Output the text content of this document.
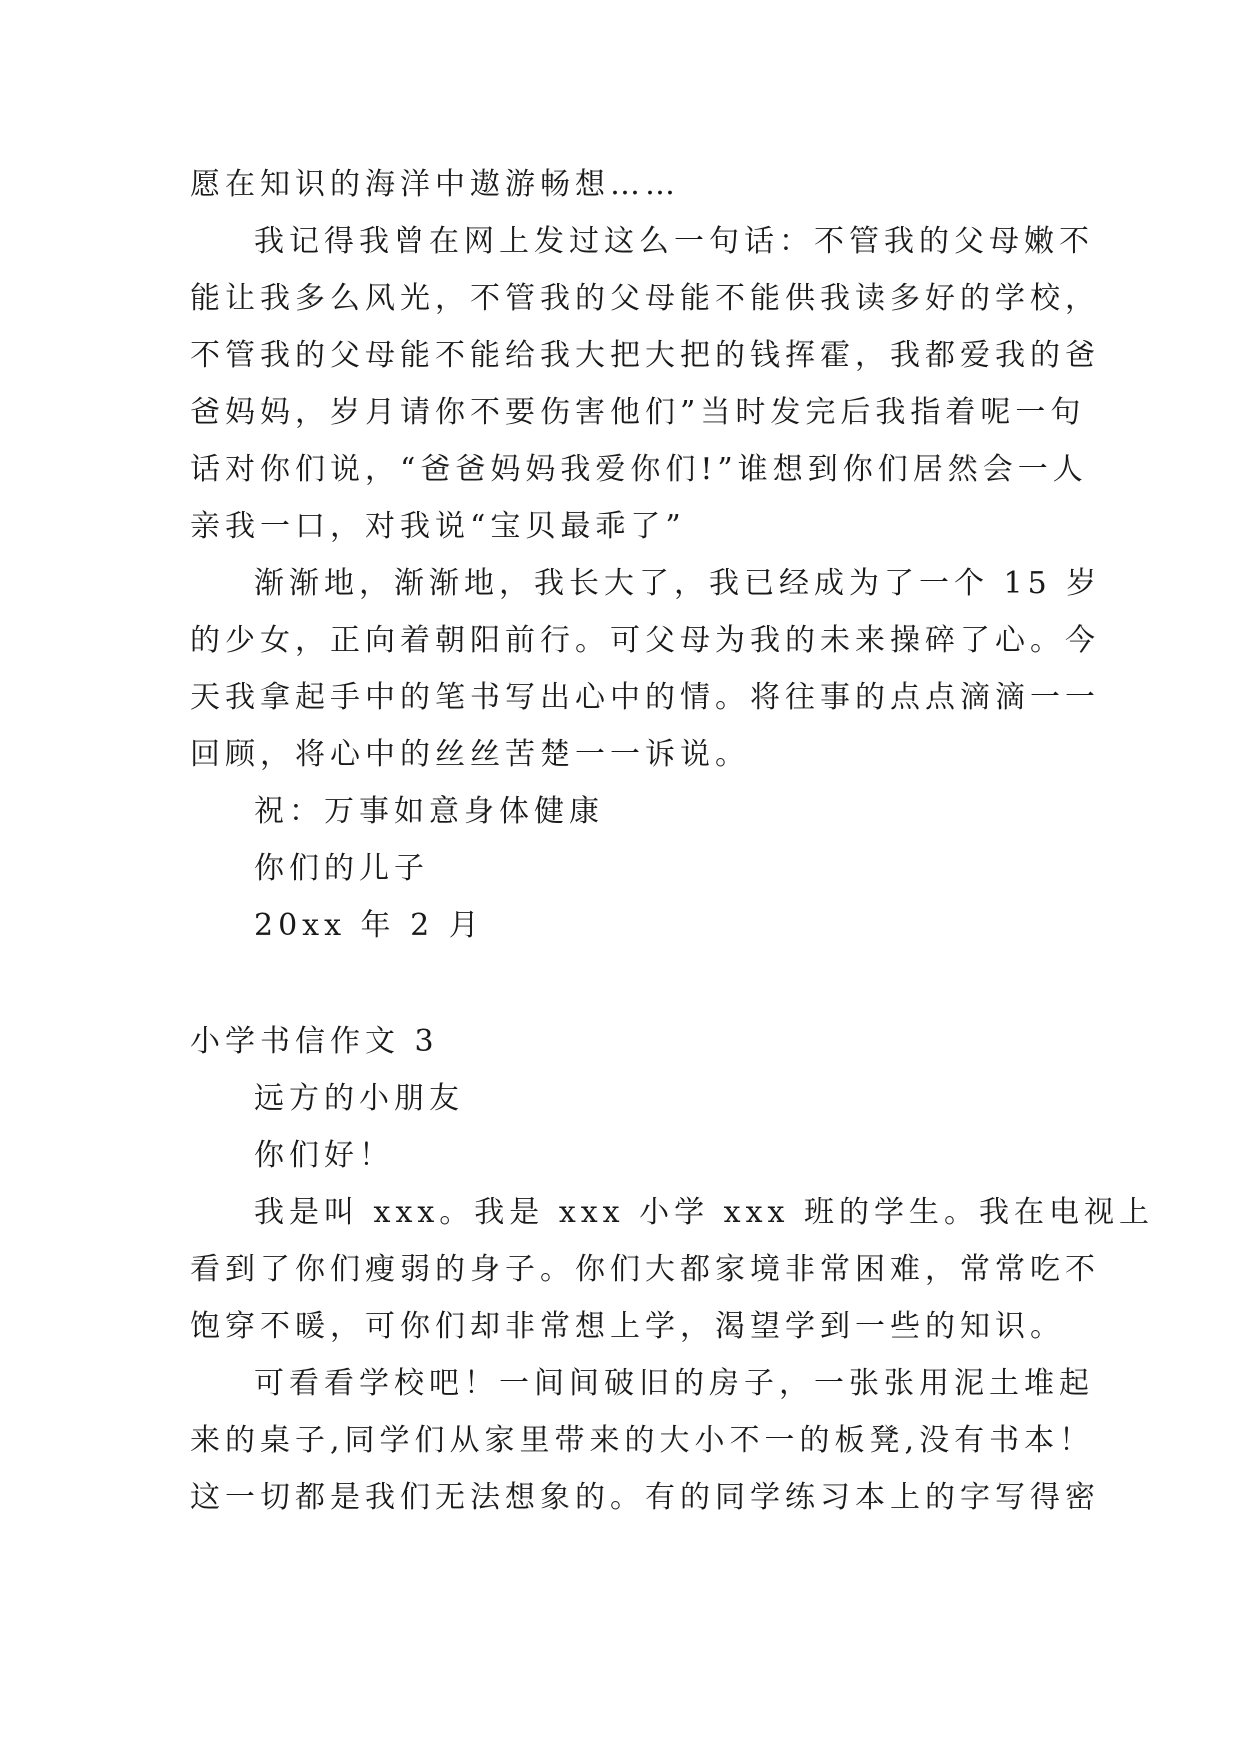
愿在知识的海洋中遨游畅想……
我记得我曾在网上发过这么一句话：不管我的父母嫩不
能让我多么风光，不管我的父母能不能供我读多好的学校，
不管我的父母能不能给我大把大把的钱挥霍，我都爱我的爸
爸妈妈，岁月请你不要伤害他们”当时发完后我指着呢一句
话对你们说，“爸爸妈妈我爱你们!”谁想到你们居然会一人
亲我一口，对我说“宝贝最乖了”
渐渐地，渐渐地，我长大了，我已经成为了一个 15 岁
的少女，正向着朝阳前行。可父母为我的未来操碎了心。今
天我拿起手中的笔书写出心中的情。将往事的点点滴滴一一
回顾，将心中的丝丝苦楚一一诉说。
祝：万事如意身体健康
你们的儿子
20xx 年 2 月
小学书信作文 3
远方的小朋友
你们好！
我是叫 xxx。我是 xxx 小学 xxx 班的学生。我在电视上
看到了你们瘦弱的身子。你们大都家境非常困难，常常吃不
饱穿不暖，可你们却非常想上学，渴望学到一些的知识。
可看看学校吧！一间间破旧的房子，一张张用泥土堆起
来的桌子,同学们从家里带来的大小不一的板凳,没有书本！
这一切都是我们无法想象的。有的同学练习本上的字写得密
